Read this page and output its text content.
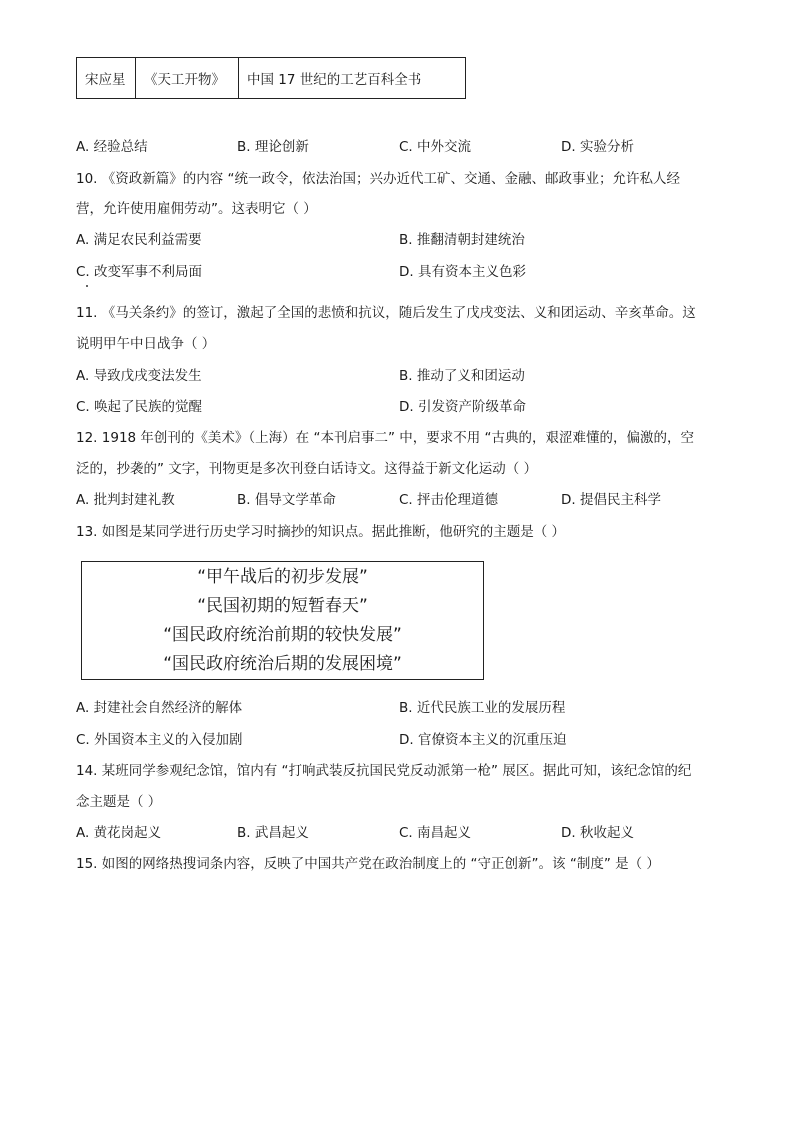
宋应星	《天工开物》	中国 17 世纪的工艺百科全书
A. 经验总结	B. 理论创新	C. 中外交流	D. 实验分析
10. 《资政新篇》的内容 “统一政令，依法治国；兴办近代工矿、交通、金融、邮政事业；允许私人经
营，允许使用雇佣劳动”。这表明它（ ）
A. 满足农民利益需要	B. 推翻清朝封建统治
C. 改变军事不利局面	D. 具有资本主义色彩
11. 《马关条约》的签订，激起了全国的悲愤和抗议，随后发生了戊戌变法、义和团运动、辛亥革命。这
说明甲午中日战争（ ）
A. 导致戊戌变法发生	B. 推动了义和团运动
C. 唤起了民族的觉醒	D. 引发资产阶级革命
12. 1918 年创刊的《美术》（上海）在 “本刊启事二” 中，要求不用 “古典的，艰涩难懂的，偏激的，空
泛的，抄袭的” 文字，刊物更是多次刊登白话诗文。这得益于新文化运动（ ）
A. 批判封建礼教	B. 倡导文学革命	C. 抨击伦理道德	D. 提倡民主科学
13. 如图是某同学进行历史学习时摘抄的知识点。据此推断，他研究的主题是（ ）
“甲午战后的初步发展”
“民国初期的短暂春天”
“国民政府统治前期的较快发展”
“国民政府统治后期的发展困境”
A. 封建社会自然经济的解体	B. 近代民族工业的发展历程
C. 外国资本主义的入侵加剧	D. 官僚资本主义的沉重压迫
14. 某班同学参观纪念馆，馆内有 “打响武装反抗国民党反动派第一枪” 展区。据此可知，该纪念馆的纪
念主题是（ ）
A. 黄花岗起义	B. 武昌起义	C. 南昌起义	D. 秋收起义
15. 如图的网络热搜词条内容，反映了中国共产党在政治制度上的 “守正创新”。该 “制度” 是（ ）
